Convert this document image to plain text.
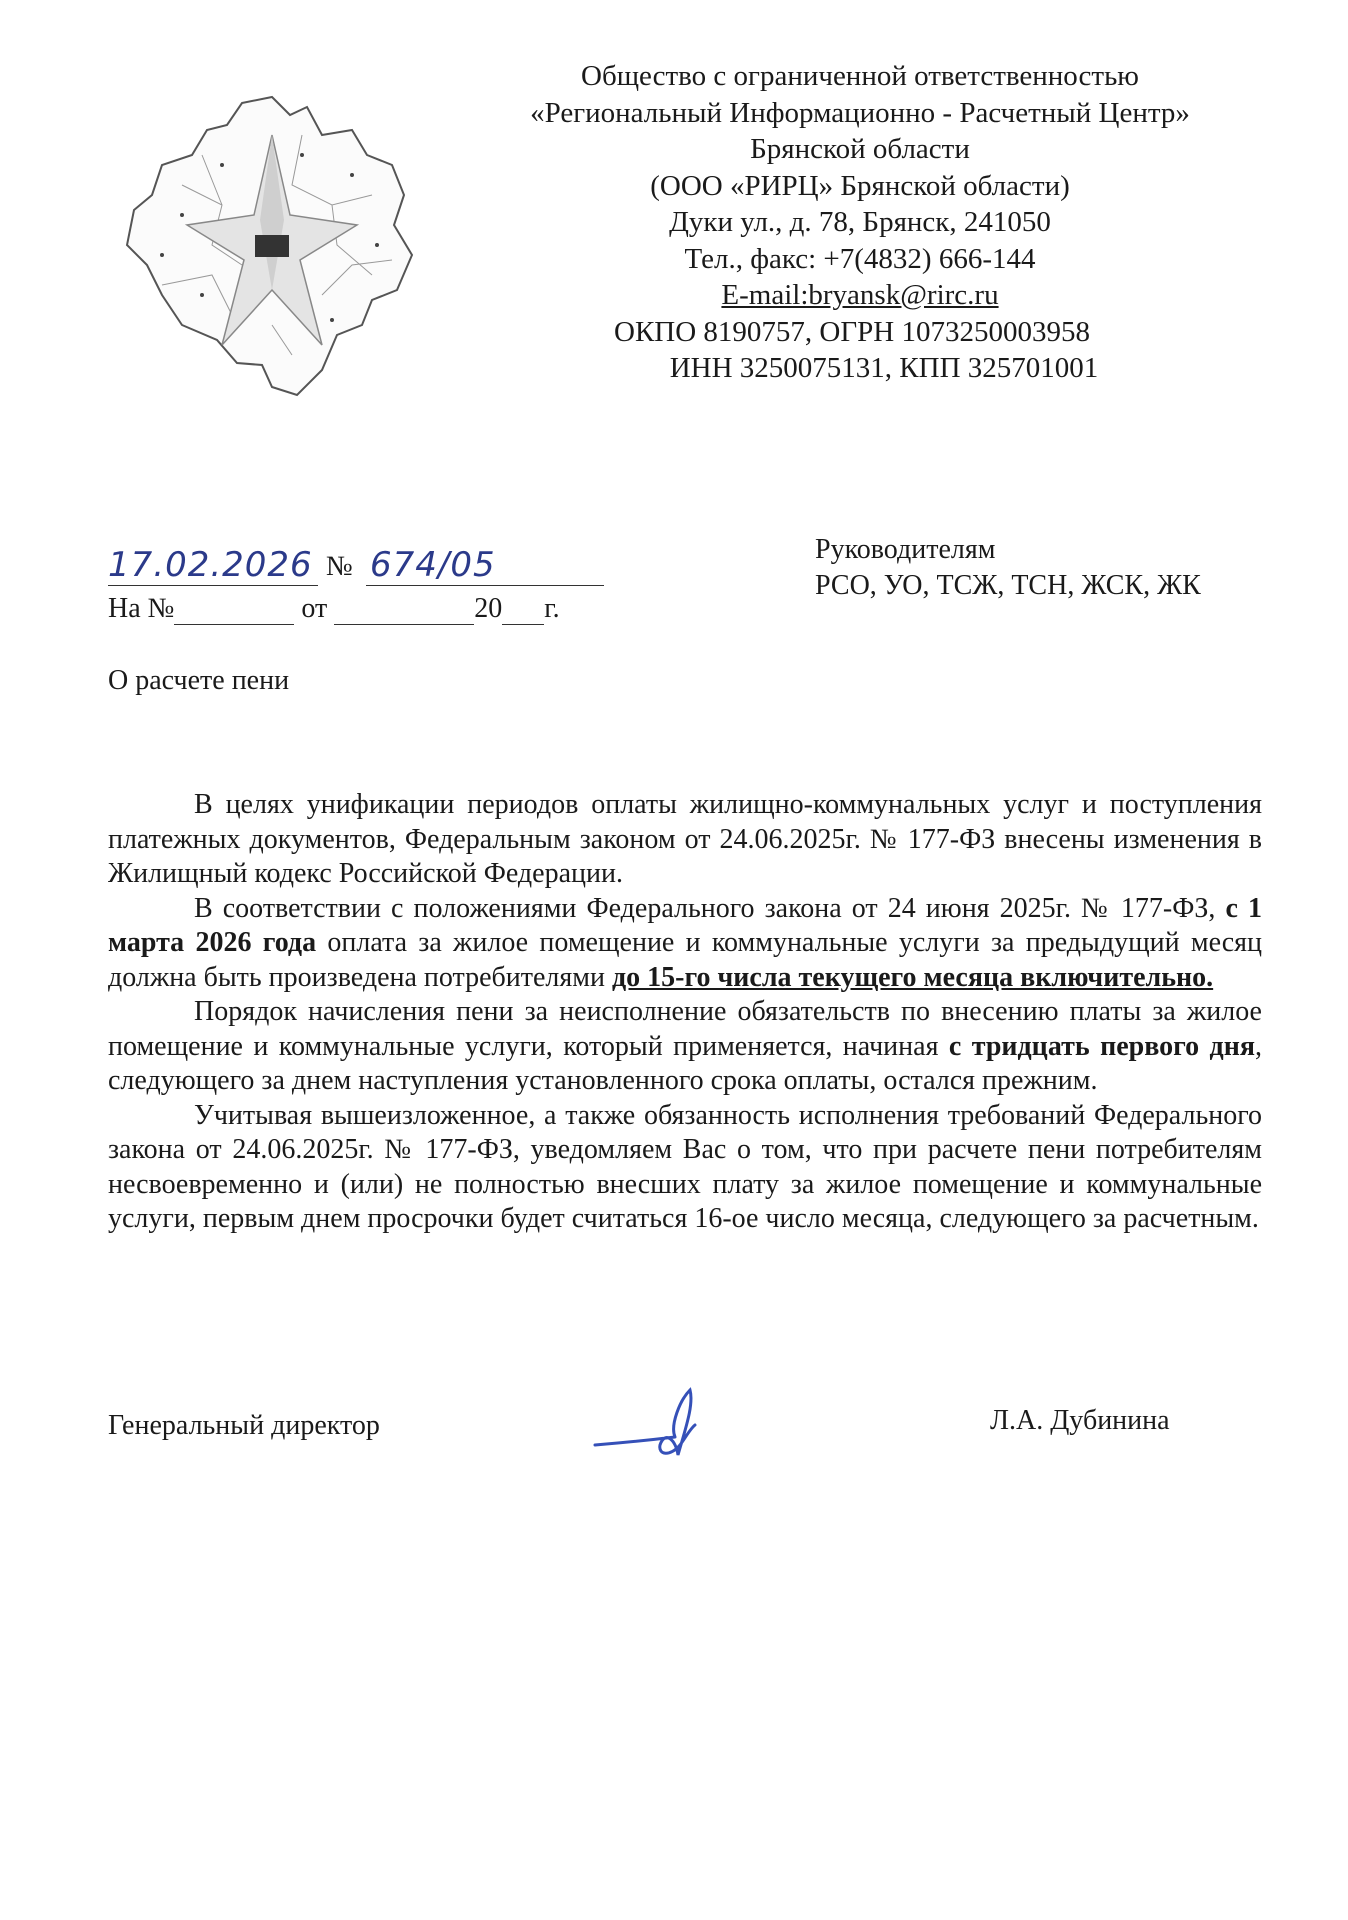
Общество с ограниченной ответственностью
«Региональный Информационно - Расчетный Центр»
Брянской области
(ООО «РИРЦ» Брянской области)
Дуки ул., д. 78, Брянск, 241050
Тел., факс: +7(4832) 666-144
E-mail:bryansk@rirc.ru
ОКПО 8190757, ОГРН 1073250003958
ИНН 3250075131, КПП 325701001
17.02.2026 № 674/05
На №	от	20 г.
Руководителям
РСО, УО, ТСЖ, ТСН, ЖСК, ЖК
О расчете пени

В целях унификации периодов оплаты жилищно-коммунальных услуг и поступления платежных документов, Федеральным законом от 24.06.2025г. № 177-ФЗ внесены изменения в Жилищный кодекс Российской Федерации.

В соответствии с положениями Федерального закона от 24 июня 2025г. № 177-ФЗ, с 1 марта 2026 года оплата за жилое помещение и коммунальные услуги за предыдущий месяц должна быть произведена потребителями до 15-го числа текущего месяца включительно.

Порядок начисления пени за неисполнение обязательств по внесению платы за жилое помещение и коммунальные услуги, который применяется, начиная с тридцать первого дня, следующего за днем наступления установленного срока оплаты, остался прежним.

Учитывая вышеизложенное, а также обязанность исполнения требований Федерального закона от 24.06.2025г. № 177-ФЗ, уведомляем Вас о том, что при расчете пени потребителям несвоевременно и (или) не полностью внесших плату за жилое помещение и коммунальные услуги, первым днем просрочки будет считаться 16-ое число месяца, следующего за расчетным.

Генеральный директор	Л.А. Дубинина
